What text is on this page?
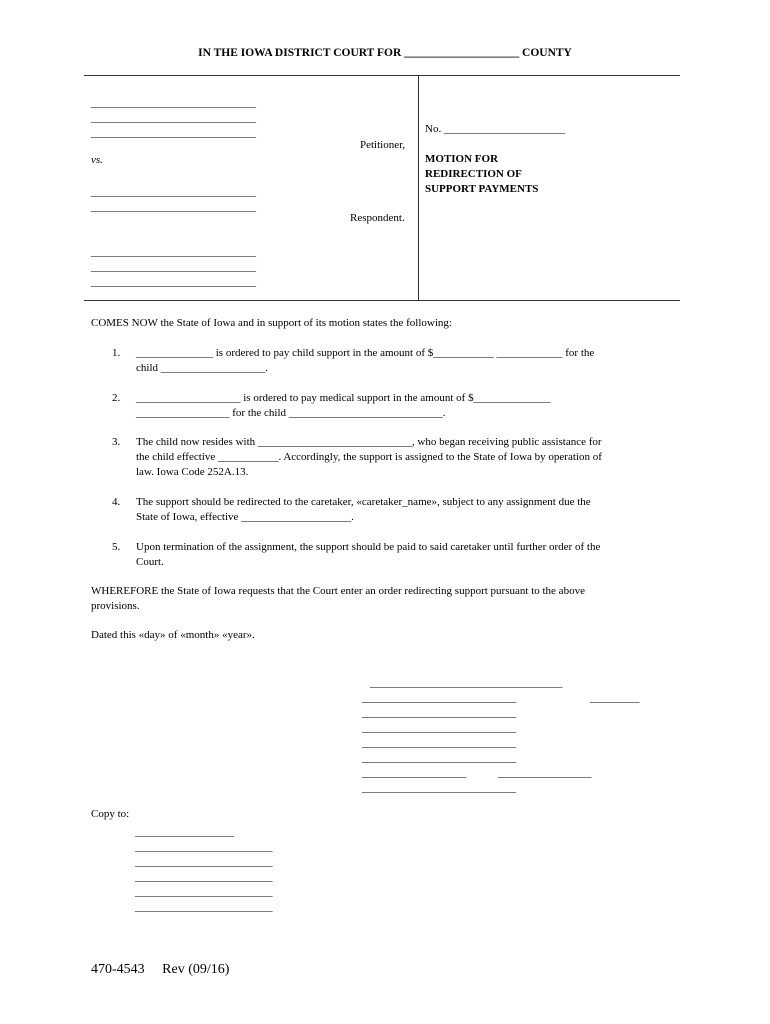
IN THE IOWA DISTRICT COURT FOR ____________________ COUNTY
______________________________
______________________________
______________________________
Petitioner,
vs.
______________________________
______________________________
Respondent.
______________________________
______________________________
______________________________
No. ______________________
MOTION FOR
REDIRECTION OF
SUPPORT PAYMENTS
COMES NOW the State of Iowa and in support of its motion states the following:
1. ______________ is ordered to pay child support in the amount of $___________ ____________ for the
child ___________________.
2. ___________________ is ordered to pay medical support in the amount of $______________
_________________ for the child ____________________________.
3. The child now resides with ____________________________, who began receiving public assistance for
the child effective ___________. Accordingly, the support is assigned to the State of Iowa by operation of
law. Iowa Code 252A.13.
4. The support should be redirected to the caretaker, «caretaker_name», subject to any assignment due the
State of Iowa, effective ____________________.
5. Upon termination of the assignment, the support should be paid to said caretaker until further order of the
Court.
WHEREFORE the State of Iowa requests that the Court enter an order redirecting support pursuant to the above
provisions.
Dated this «day» of «month» «year».
___________________________________
____________________________	_________
____________________________
____________________________
____________________________
____________________________
___________________	_________________
____________________________
Copy to:
__________________
_________________________
_________________________
_________________________
_________________________
_________________________
470-4543     Rev (09/16)
